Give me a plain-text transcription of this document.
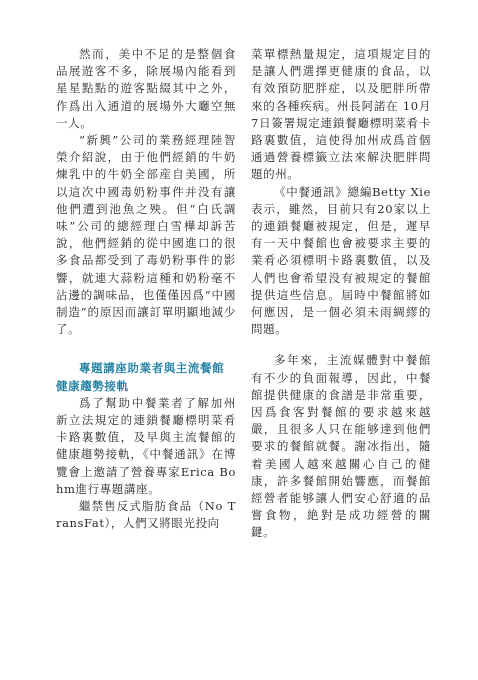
然而，美中不足的是整個食品展遊客不多，除展場內能看到星星點點的遊客點綴其中之外，作爲出入通道的展場外大廳空無一人。

“新興”公司的業務經理陸智榮介紹說，由于他們經銷的牛奶煉乳中的牛奶全部産自美國，所以這次中國毒奶粉事件并没有讓他們遭到池魚之殃。但“白氏調味”公司的總經理白雪樺却訴苦說，他們經銷的從中國進口的很多食品都受到了毒奶粉事件的影響，就連大蒜粉這種和奶粉毫不沾邊的調味品，也僅僅因爲“中國制造”的原因而讓訂單明顯地減少了。

專題講座助業者與主流餐館健康趨勢接軌

爲了幫助中餐業者了解加州新立法規定的連鎖餐廳標明菜肴卡路裏數值，及早與主流餐館的健康趨勢接軌，《中餐通訊》在博覽會上邀請了營養專家Erica Bohm進行專題講座。

繼禁售反式脂肪食品（No TransFat），人們又將眼光投向

菜單標熱量規定，這項規定目的是讓人們選擇更健康的食品，以有效預防肥胖症，以及肥胖所帶來的各種疾病。州長阿諾在 10月7日簽署規定連鎖餐廳標明菜肴卡路裏數值，這使得加州成爲首個通過營養標籤立法來解決肥胖問題的州。

《中餐通訊》總編Betty Xie表示，雖然，目前只有20家以上的連鎖餐廳被規定，但是，遲早有一天中餐館也會被要求主要的業肴必須標明卡路裏數值，以及人們也會希望没有被規定的餐館提供這些信息。屆時中餐館將如何應因，是一個必須未雨綢繆的問題。

多年來，主流媒體對中餐館有不少的負面報導，因此，中餐館提供健康的食譜是非常重要，因爲食客對餐館的要求越來越嚴，且很多人只在能够達到他們要求的餐館就餐。謝冰指出，隨着美國人越來越關心自己的健康，許多餐館開始響應，而餐館經營者能够讓人們安心舒適的品嘗食物，絶對是成功經營的關鍵。
